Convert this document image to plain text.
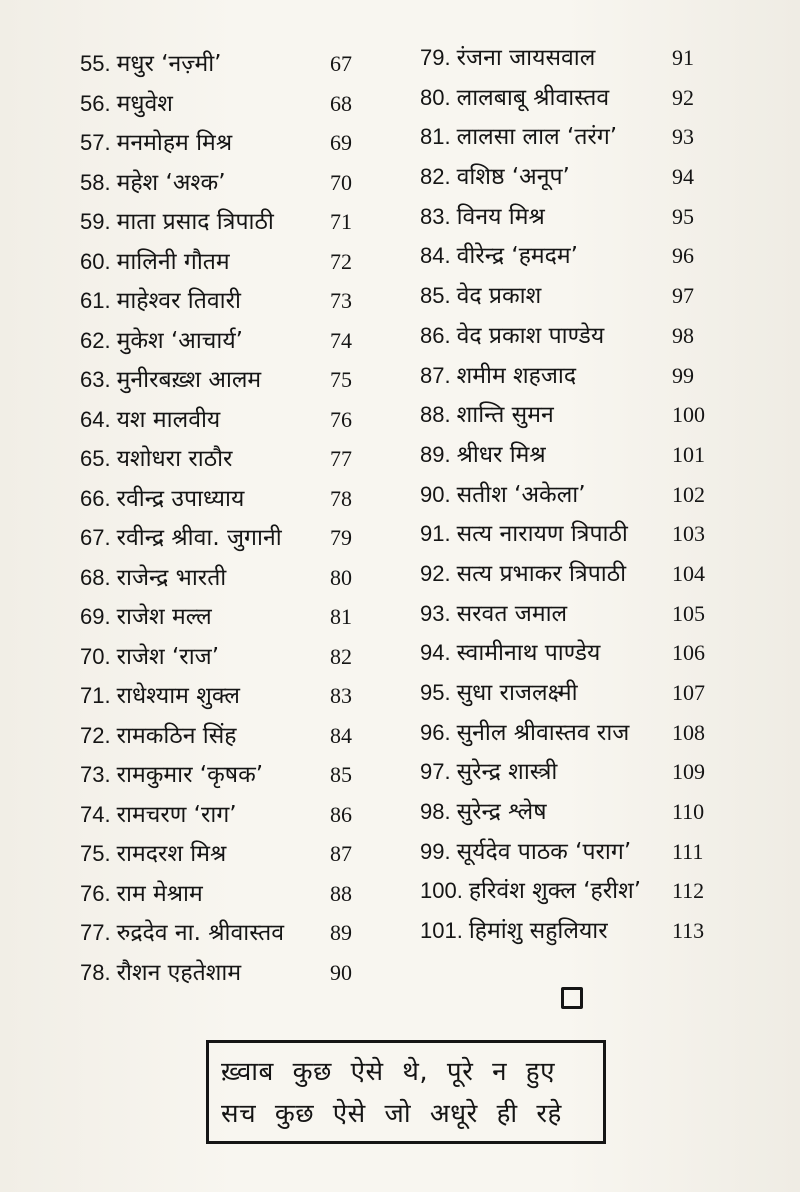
55. मधुर ‘नज़्मी’	67
56. मधुवेश	68
57. मनमोहम मिश्र	69
58. महेश ‘अश्क’	70
59. माता प्रसाद त्रिपाठी	71
60. मालिनी गौतम	72
61. माहेश्वर तिवारी	73
62. मुकेश ‘आचार्य’	74
63. मुनीरबख़्श आलम	75
64. यश मालवीय	76
65. यशोधरा राठौर	77
66. रवीन्द्र उपाध्याय	78
67. रवीन्द्र श्रीवा. जुगानी 79
68. राजेन्द्र भारती	80
69. राजेश मल्ल	81
70. राजेश ‘राज’	82
71. राधेश्याम शुक्ल	83
72. रामकठिन सिंह	84
73. रामकुमार ‘कृषक’	85
74. रामचरण ‘राग’	86
75. रामदरश मिश्र	87
76. राम मेश्राम	88
77. रुद्रदेव ना. श्रीवास्तव 89
78. रौशन एहतेशाम	90
79. रंजना जायसवाल	91
80. लालबाबू श्रीवास्तव	92
81. लालसा लाल ‘तरंग’ 93
82. वशिष्ठ ‘अनूप’	94
83. विनय मिश्र	95
84. वीरेन्द्र ‘हमदम’	96
85. वेद प्रकाश	97
86. वेद प्रकाश पाण्डेय	98
87. शमीम शहजाद	99
88. शान्ति सुमन	100
89. श्रीधर मिश्र	101
90. सतीश ‘अकेला’	102
91. सत्य नारायण त्रिपाठी 103
92. सत्य प्रभाकर त्रिपाठी 104
93. सरवत जमाल	105
94. स्वामीनाथ पाण्डेय	106
95. सुधा राजलक्ष्मी	107
96. सुनील श्रीवास्तव राज 108
97. सुरेन्द्र शास्त्री	109
98. सुरेन्द्र श्लेष	110
99. सूर्यदेव पाठक ‘पराग’ 111
100. हरिवंश शुक्ल ‘हरीश’ 112
101. हिमांशु सहुलियार	113
ख़्वाब कुछ ऐसे थे, पूरे न हुए
सच कुछ ऐसे जो अधूरे ही रहे
